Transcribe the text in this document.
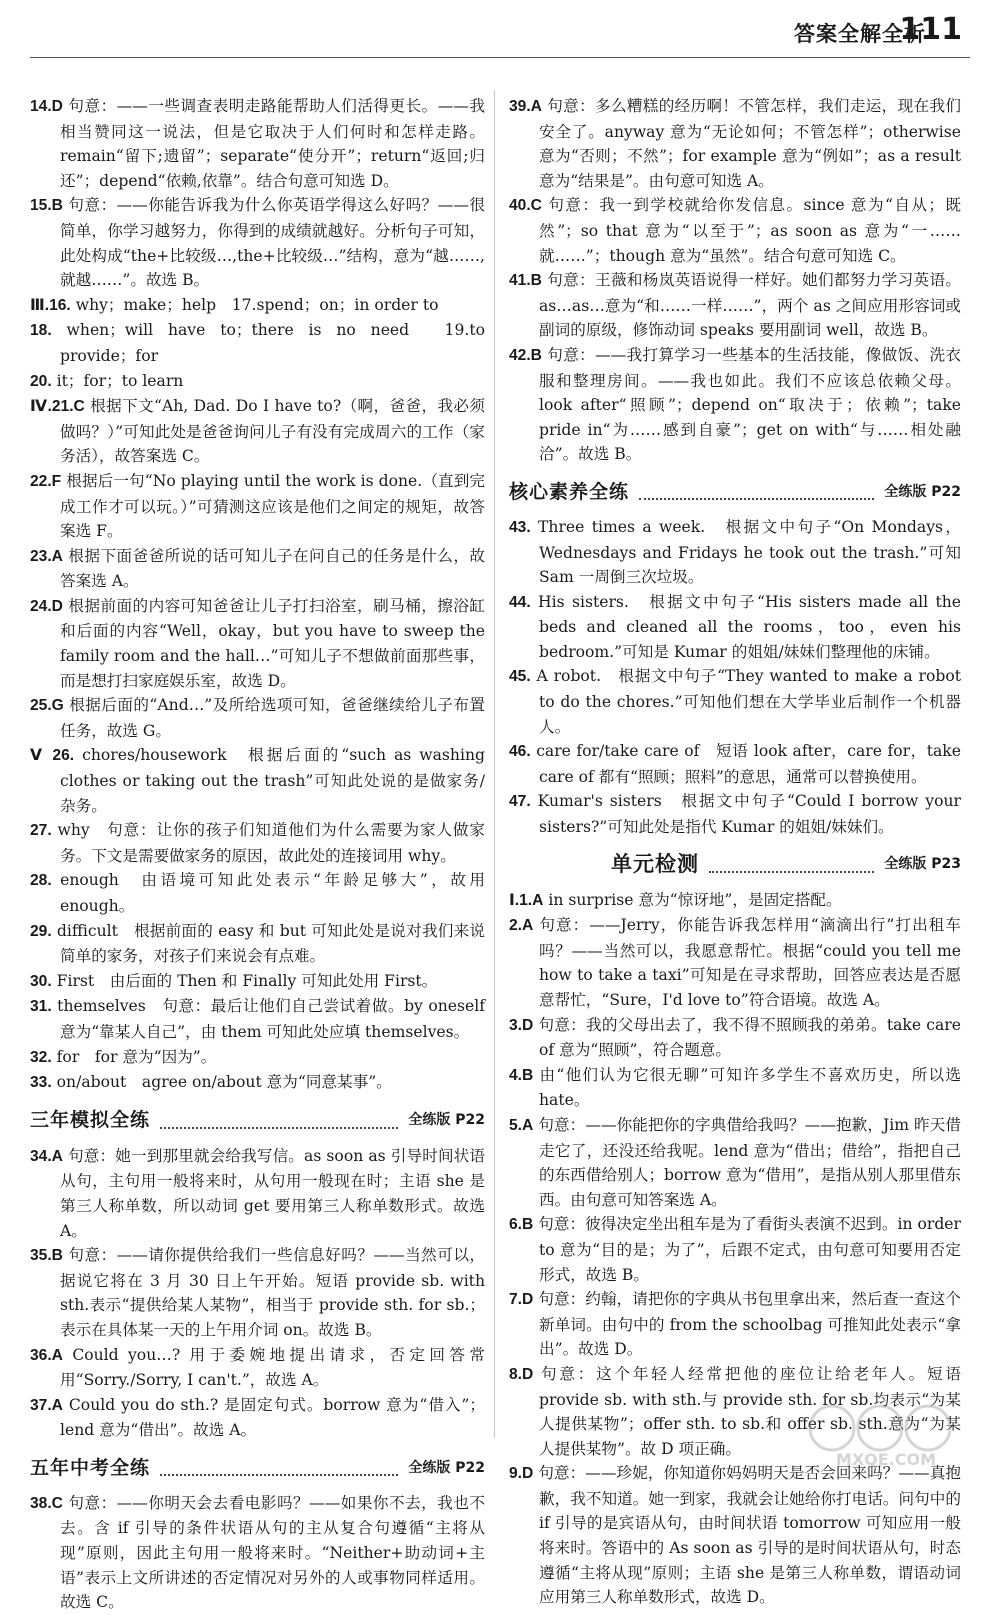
答案全解全析
111

14.D 句意：——一些调查表明走路能帮助人们活得更长。——我相当赞同这一说法，但是它取决于人们何时和怎样走路。remain“留下;遗留”；separate“使分开”；return“返回;归还”；depend“依赖,依靠”。结合句意可知选 D。

15.B 句意：——你能告诉我为什么你英语学得这么好吗？——很简单，你学习越努力，你得到的成绩就越好。分析句子可知，此处构成“the+比较级…,the+比较级…”结构，意为“越……,就越……”。故选 B。

Ⅲ.16. why；make；help　17.spend；on；in order to

18. when；will have to；there is no need　19.to provide；for

20. it；for；to learn

Ⅳ.21.C 根据下文“Ah, Dad. Do I have to?（啊，爸爸，我必须做吗？）”可知此处是爸爸询问儿子有没有完成周六的工作（家务活），故答案选 C。

22.F 根据后一句“No playing until the work is done.（直到完成工作才可以玩。）”可猜测这应该是他们之间定的规矩，故答案选 F。

23.A 根据下面爸爸所说的话可知儿子在问自己的任务是什么，故答案选 A。

24.D 根据前面的内容可知爸爸让儿子打扫浴室，刷马桶，擦浴缸和后面的内容“Well，okay，but you have to sweep the family room and the hall…”可知儿子不想做前面那些事，而是想打扫家庭娱乐室，故选 D。

25.G 根据后面的“And…”及所给选项可知，爸爸继续给儿子布置任务，故选 G。

Ⅴ 26. chores/housework　根据后面的“such as washing clothes or taking out the trash”可知此处说的是做家务/杂务。

27. why　句意：让你的孩子们知道他们为什么需要为家人做家务。下文是需要做家务的原因，故此处的连接词用 why。

28. enough　由语境可知此处表示“年龄足够大”，故用 enough。

29. difficult　根据前面的 easy 和 but 可知此处是说对我们来说简单的家务，对孩子们来说会有点难。

30. First　由后面的 Then 和 Finally 可知此处用 First。

31. themselves　句意：最后让他们自己尝试着做。by oneself 意为“靠某人自己”，由 them 可知此处应填 themselves。

32. for　for 意为“因为”。

33. on/about　agree on/about 意为“同意某事”。

三年模拟全练	全练版 P22

34.A 句意：她一到那里就会给我写信。as soon as 引导时间状语从句，主句用一般将来时，从句用一般现在时；主语 she 是第三人称单数，所以动词 get 要用第三人称单数形式。故选 A。

35.B 句意：——请你提供给我们一些信息好吗？——当然可以，据说它将在 3 月 30 日上午开始。短语 provide sb. with sth.表示“提供给某人某物”，相当于 provide sth. for sb.；表示在具体某一天的上午用介词 on。故选 B。

36.A Could you…? 用于委婉地提出请求，否定回答常用“Sorry./Sorry, I can't.”，故选 A。

37.A Could you do sth.? 是固定句式。borrow 意为“借入”；lend 意为“借出”。故选 A。

五年中考全练	全练版 P22

38.C 句意：——你明天会去看电影吗？——如果你不去，我也不去。含 if 引导的条件状语从句的主从复合句遵循“主将从现”原则，因此主句用一般将来时。“Neither+助动词+主语”表示上文所讲述的否定情况对另外的人或事物同样适用。故选 C。

39.A 句意：多么糟糕的经历啊！不管怎样，我们走运，现在我们安全了。anyway 意为“无论如何；不管怎样”；otherwise 意为“否则；不然”；for example 意为“例如”；as a result 意为“结果是”。由句意可知选 A。

40.C 句意：我一到学校就给你发信息。since 意为“自从；既然”；so that 意为“以至于”；as soon as 意为“一……就……”；though 意为“虽然”。结合句意可知选 C。

41.B 句意：王薇和杨岚英语说得一样好。她们都努力学习英语。as…as…意为“和……一样……”，两个 as 之间应用形容词或副词的原级，修饰动词 speaks 要用副词 well，故选 B。

42.B 句意：——我打算学习一些基本的生活技能，像做饭、洗衣服和整理房间。——我也如此。我们不应该总依赖父母。look after“照顾”；depend on“取决于；依赖”；take pride in“为……感到自豪”；get on with“与……相处融洽”。故选 B。

核心素养全练	全练版 P22

43. Three times a week.　根据文中句子“On Mondays，Wednesdays and Fridays he took out the trash.”可知 Sam 一周倒三次垃圾。

44. His sisters.　根据文中句子“His sisters made all the beds and cleaned all the rooms，too，even his bedroom.”可知是 Kumar 的姐姐/妹妹们整理他的床铺。

45. A robot.　根据文中句子“They wanted to make a robot to do the chores.”可知他们想在大学毕业后制作一个机器人。

46. care for/take care of　短语 look after，care for，take care of 都有“照顾；照料”的意思，通常可以替换使用。

47. Kumar's sisters　根据文中句子“Could I borrow your sisters?”可知此处是指代 Kumar 的姐姐/妹妹们。

单元检测	全练版 P23

Ⅰ.1.A in surprise 意为“惊讶地”，是固定搭配。

2.A 句意：——Jerry，你能告诉我怎样用“滴滴出行”打出租车吗？——当然可以，我愿意帮忙。根据“could you tell me how to take a taxi”可知是在寻求帮助，回答应表达是否愿意帮忙，“Sure，I'd love to”符合语境。故选 A。

3.D 句意：我的父母出去了，我不得不照顾我的弟弟。take care of 意为“照顾”，符合题意。

4.B 由“他们认为它很无聊”可知许多学生不喜欢历史，所以选 hate。

5.A 句意：——你能把你的字典借给我吗？——抱歉，Jim 昨天借走它了，还没还给我呢。lend 意为“借出；借给”，指把自己的东西借给别人；borrow 意为“借用”，是指从别人那里借东西。由句意可知答案选 A。

6.B 句意：彼得决定坐出租车是为了看街头表演不迟到。in order to 意为“目的是；为了”，后跟不定式，由句意可知要用否定形式，故选 B。

7.D 句意：约翰，请把你的字典从书包里拿出来，然后查一查这个新单词。由句中的 from the schoolbag 可推知此处表示“拿出”。故选 D。

8.D 句意：这个年轻人经常把他的座位让给老年人。短语 provide sb. with sth.与 provide sth. for sb.均表示“为某人提供某物”；offer sth. to sb.和 offer sb. sth.意为“为某人提供某物”。故 D 项正确。

9.D 句意：——珍妮，你知道你妈妈明天是否会回来吗？——真抱歉，我不知道。她一到家，我就会让她给你打电话。问句中的 if 引导的是宾语从句，由时间状语 tomorrow 可知应用一般将来时。答语中的 As soon as 引导的是时间状语从句，时态遵循“主将从现”原则；主语 she 是第三人称单数，谓语动词应用第三人称单数形式，故选 D。

MXQE.COM
